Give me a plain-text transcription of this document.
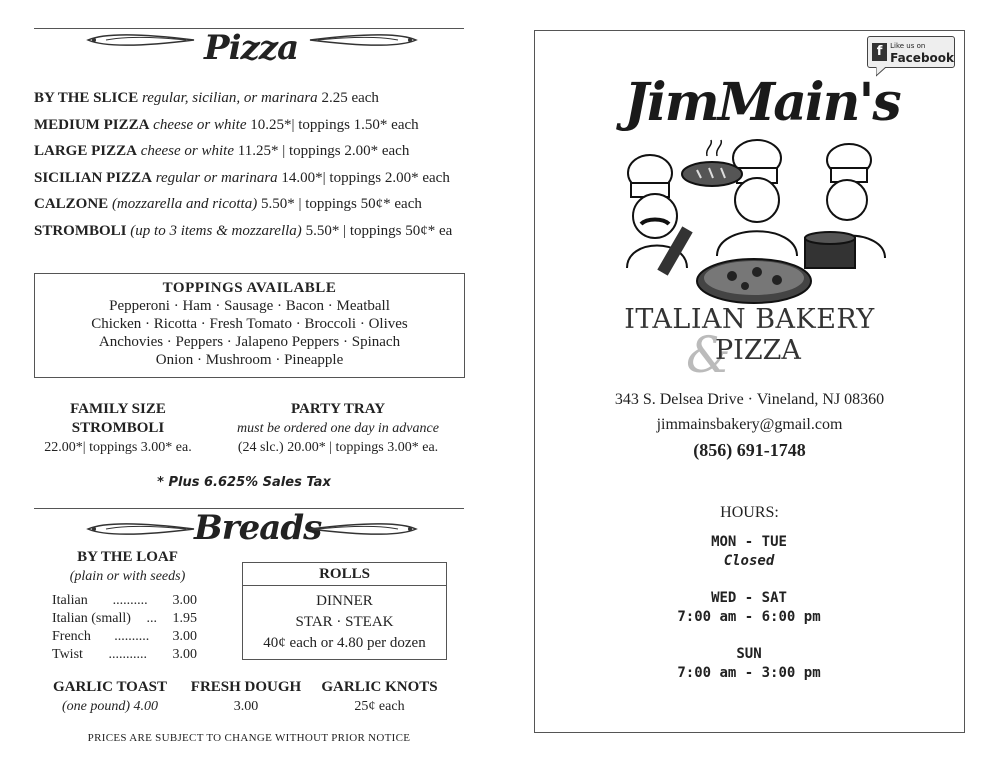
Pizza
BY THE SLICE regular, sicilian, or marinara 2.25 each
MEDIUM PIZZA cheese or white 10.25*| toppings 1.50* each
LARGE PIZZA cheese or white 11.25* | toppings 2.00* each
SICILIAN PIZZA regular or marinara 14.00*| toppings 2.00* each
CALZONE (mozzarella and ricotta) 5.50* | toppings 50¢* each
STROMBOLI (up to 3 items & mozzarella) 5.50* | toppings 50¢* ea
TOPPINGS AVAILABLE
Pepperoni · Ham · Sausage · Bacon · Meatball
Chicken · Ricotta · Fresh Tomato · Broccoli · Olives
Anchovies · Peppers · Jalapeno Peppers · Spinach
Onion · Mushroom · Pineapple
FAMILY SIZE
STROMBOLI
22.00*| toppings 3.00* ea.
PARTY TRAY
must be ordered one day in advance
(24 slc.) 20.00* | toppings 3.00* ea.
* Plus 6.625% Sales Tax
Breads
BY THE LOAF
(plain or with seeds)
Italian	..........	3.00
Italian (small)	...	1.95
French	..........	3.00
Twist	...........	3.00
ROLLS
DINNER
STAR · STEAK
40¢ each or 4.80 per dozen
GARLIC TOAST
(one pound) 4.00
FRESH DOUGH
3.00
GARLIC KNOTS
25¢ each
PRICES ARE SUBJECT TO CHANGE WITHOUT PRIOR NOTICE
f	Like us on
Facebook
JimMain's
ITALIAN BAKERY
&
PIZZA
343 S. Delsea Drive · Vineland, NJ 08360
jimmainsbakery@gmail.com
(856) 691-1748
HOURS:
MON - TUE
Closed
WED - SAT
7:00 am - 6:00 pm
SUN
7:00 am - 3:00 pm
